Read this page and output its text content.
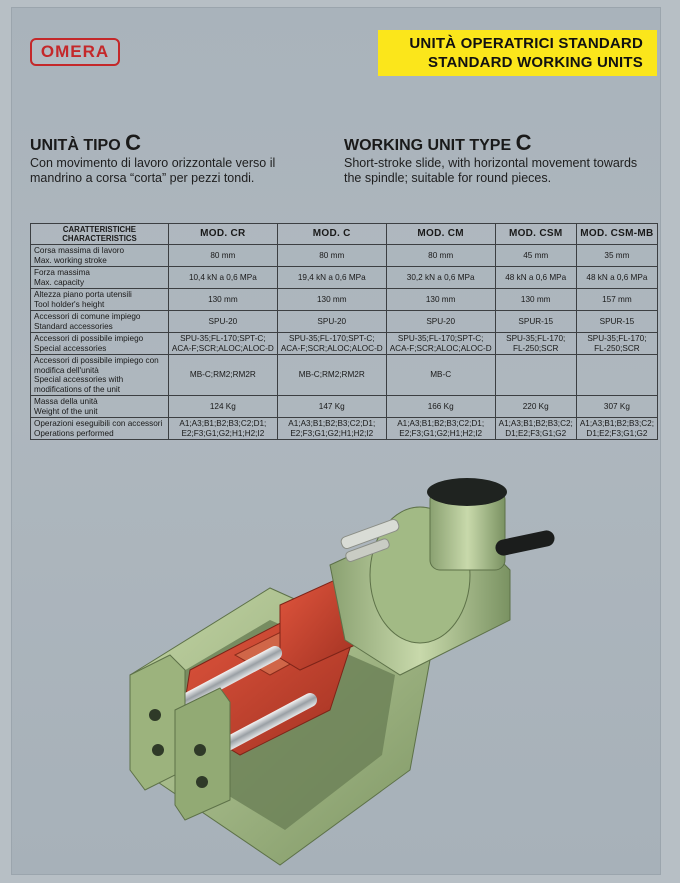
OMERA	UNITÀ OPERATRICI STANDARD
STANDARD WORKING UNITS
UNITÀ TIPO C
Con movimento di lavoro orizzontale verso il
mandrino a corsa “corta” per pezzi tondi.
WORKING UNIT TYPE C
Short-stroke slide, with horizontal movement towards
the spindle; suitable for round pieces.
CARATTERISTICHE
CHARACTERISTICS	MOD. CR	MOD. C	MOD. CM	MOD. CSM	MOD. CSM-MB

Corsa massima di lavoro
Max. working stroke	80 mm	80 mm	80 mm	45 mm	35 mm

Forza massima
Max. capacity	10,4 kN a 0,6 MPa	19,4 kN a 0,6 MPa	30,2 kN a 0,6 MPa	48 kN a 0,6 MPa	48 kN a 0,6 MPa

Altezza piano porta utensili
Tool holder's height	130 mm	130 mm	130 mm	130 mm	157 mm

Accessori di comune impiego
Standard accessories	SPU-20	SPU-20	SPU-20	SPUR-15	SPUR-15

Accessori di possibile impiego
Special accessories	SPU-35;FL-170;SPT-C;
ACA-F;SCR;ALOC;ALOC-D	SPU-35;FL-170;SPT-C;
ACA-F;SCR;ALOC;ALOC-D	SPU-35;FL-170;SPT-C;
ACA-F;SCR;ALOC;ALOC-D	SPU-35;FL-170;
FL-250;SCR	SPU-35;FL-170;
FL-250;SCR

Accessori di possibile impiego con
modifica dell'unità
Special accessories with
modifications of the unit	MB-C;RM2;RM2R	MB-C;RM2;RM2R	MB-C		

Massa della unità
Weight of the unit	124 Kg	147 Kg	166 Kg	220 Kg	307 Kg

Operazioni eseguibili con accessori
Operations performed	A1;A3;B1;B2;B3;C2;D1;
E2;F3;G1;G2;H1;H2;I2	A1;A3;B1;B2;B3;C2;D1;
E2;F3;G1;G2;H1;H2;I2	A1;A3;B1;B2;B3;C2;D1;
E2;F3;G1;G2;H1;H2;I2	A1;A3;B1;B2;B3;C2;
D1;E2;F3;G1;G2	A1;A3;B1;B2;B3;C2;
D1;E2;F3;G1;G2
